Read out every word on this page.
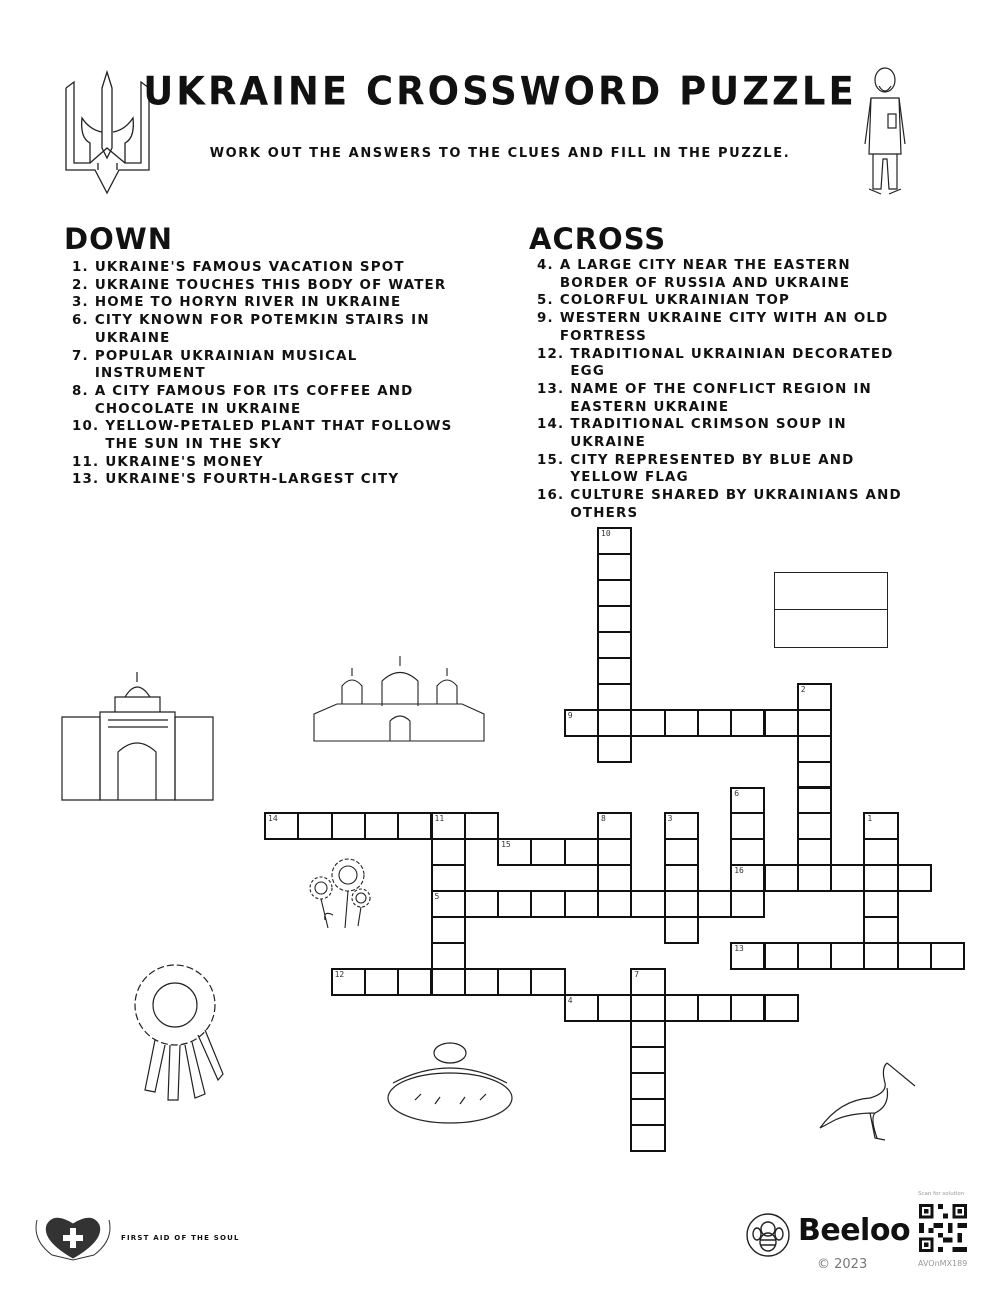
UKRAINE CROSSWORD PUZZLE
WORK OUT THE ANSWERS TO THE CLUES AND FILL IN THE PUZZLE.
DOWN
1. UKRAINE'S FAMOUS VACATION SPOT
2. UKRAINE TOUCHES THIS BODY OF WATER
3. HOME TO HORYN RIVER IN UKRAINE
6. CITY KNOWN FOR POTEMKIN STAIRS IN UKRAINE
7. POPULAR UKRAINIAN MUSICAL INSTRUMENT
8. A CITY FAMOUS FOR ITS COFFEE AND CHOCOLATE IN UKRAINE
10. YELLOW-PETALED PLANT THAT FOLLOWS THE SUN IN THE SKY
11. UKRAINE'S MONEY
13. UKRAINE'S FOURTH-LARGEST CITY
ACROSS
4. A LARGE CITY NEAR THE EASTERN BORDER OF RUSSIA AND UKRAINE
5. COLORFUL UKRAINIAN TOP
9. WESTERN UKRAINE CITY WITH AN OLD FORTRESS
12. TRADITIONAL UKRAINIAN DECORATED EGG
13. NAME OF THE CONFLICT REGION IN EASTERN UKRAINE
14. TRADITIONAL CRIMSON SOUP IN UKRAINE
15. CITY REPRESENTED BY BLUE AND YELLOW FLAG
16. CULTURE SHARED BY UKRAINIANS AND OTHERS
1
2
3
4
5
6
16
7
8
9
10
11
12
13
14
15
FIRST AID OF THE SOUL	Beeloo
© 2023
Scan for solution
AVOnMX189
